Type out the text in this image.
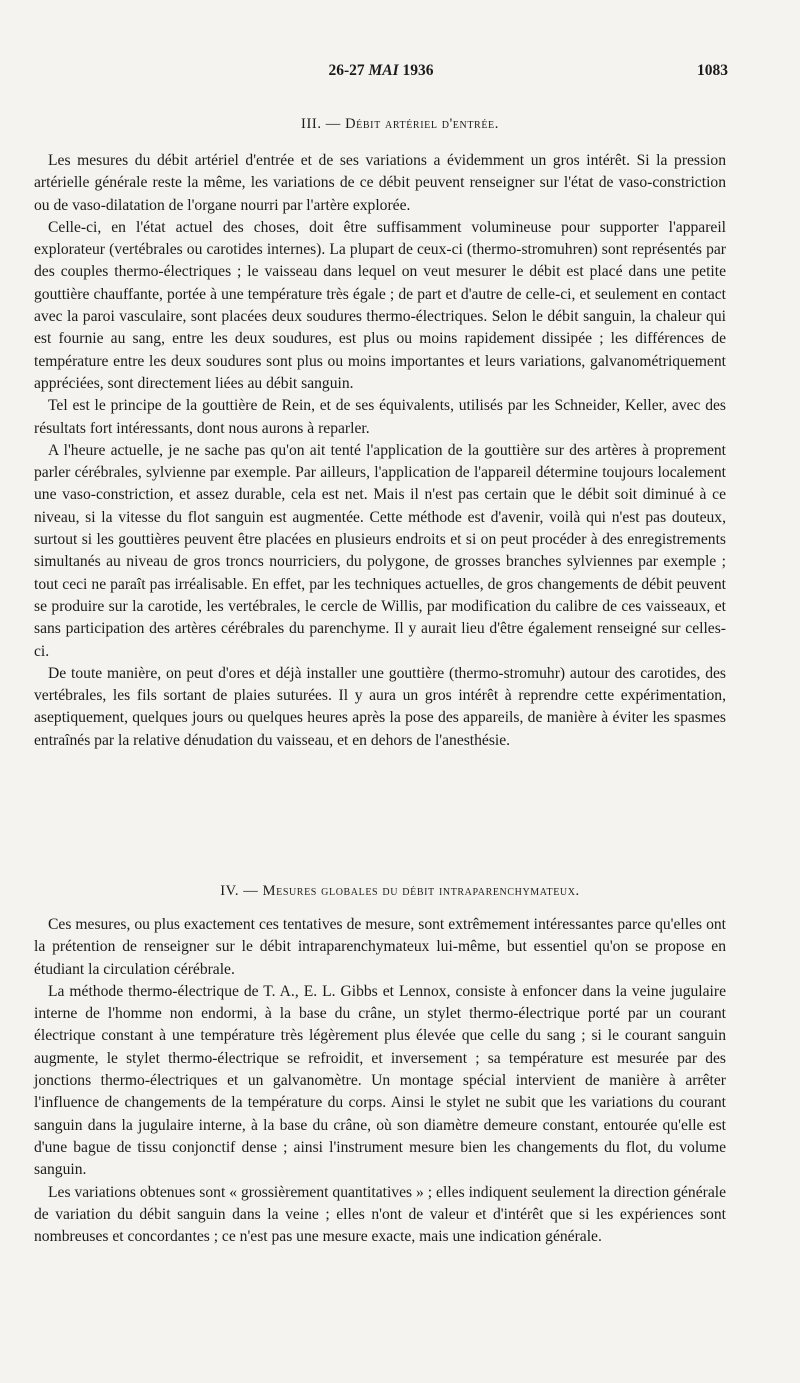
26-27 MAI 1936	1083
III. — Débit artériel d'entrée.

Les mesures du débit artériel d'entrée et de ses variations a évidemment un gros intérêt. Si la pression artérielle générale reste la même, les variations de ce débit peuvent renseigner sur l'état de vaso-constriction ou de vaso-dilatation de l'organe nourri par l'artère explorée.

Celle-ci, en l'état actuel des choses, doit être suffisamment volumineuse pour supporter l'appareil explorateur (vertébrales ou carotides internes). La plupart de ceux-ci (thermo-stromuhren) sont représentés par des couples thermo-électriques ; le vaisseau dans lequel on veut mesurer le débit est placé dans une petite gouttière chauffante, portée à une température très égale ; de part et d'autre de celle-ci, et seulement en contact avec la paroi vasculaire, sont placées deux soudures thermo-électriques. Selon le débit sanguin, la chaleur qui est fournie au sang, entre les deux soudures, est plus ou moins rapidement dissipée ; les différences de température entre les deux soudures sont plus ou moins importantes et leurs variations, galvanométriquement appréciées, sont directement liées au débit sanguin.

Tel est le principe de la gouttière de Rein, et de ses équivalents, utilisés par les Schneider, Keller, avec des résultats fort intéressants, dont nous aurons à reparler.

A l'heure actuelle, je ne sache pas qu'on ait tenté l'application de la gouttière sur des artères à proprement parler cérébrales, sylvienne par exemple. Par ailleurs, l'application de l'appareil détermine toujours localement une vaso-constriction, et assez durable, cela est net. Mais il n'est pas certain que le débit soit diminué à ce niveau, si la vitesse du flot sanguin est augmentée. Cette méthode est d'avenir, voilà qui n'est pas douteux, surtout si les gouttières peuvent être placées en plusieurs endroits et si on peut procéder à des enregistrements simultanés au niveau de gros troncs nourriciers, du polygone, de grosses branches sylviennes par exemple ; tout ceci ne paraît pas irréalisable. En effet, par les techniques actuelles, de gros changements de débit peuvent se produire sur la carotide, les vertébrales, le cercle de Willis, par modification du calibre de ces vaisseaux, et sans participation des artères cérébrales du parenchyme. Il y aurait lieu d'être également renseigné sur celles-ci.

De toute manière, on peut d'ores et déjà installer une gouttière (thermo-stromuhr) autour des carotides, des vertébrales, les fils sortant de plaies suturées. Il y aura un gros intérêt à reprendre cette expérimentation, aseptiquement, quelques jours ou quelques heures après la pose des appareils, de manière à éviter les spasmes entraînés par la relative dénudation du vaisseau, et en dehors de l'anesthésie.

IV. — Mesures globales du débit intraparenchymateux.

Ces mesures, ou plus exactement ces tentatives de mesure, sont extrêmement intéressantes parce qu'elles ont la prétention de renseigner sur le débit intraparenchymateux lui-même, but essentiel qu'on se propose en étudiant la circulation cérébrale.

La méthode thermo-électrique de T. A., E. L. Gibbs et Lennox, consiste à enfoncer dans la veine jugulaire interne de l'homme non endormi, à la base du crâne, un stylet thermo-électrique porté par un courant électrique constant à une température très légèrement plus élevée que celle du sang ; si le courant sanguin augmente, le stylet thermo-électrique se refroidit, et inversement ; sa température est mesurée par des jonctions thermo-électriques et un galvanomètre. Un montage spécial intervient de manière à arrêter l'influence de changements de la température du corps. Ainsi le stylet ne subit que les variations du courant sanguin dans la jugulaire interne, à la base du crâne, où son diamètre demeure constant, entourée qu'elle est d'une bague de tissu conjonctif dense ; ainsi l'instrument mesure bien les changements du flot, du volume sanguin.

Les variations obtenues sont « grossièrement quantitatives » ; elles indiquent seulement la direction générale de variation du débit sanguin dans la veine ; elles n'ont de valeur et d'intérêt que si les expériences sont nombreuses et concordantes ; ce n'est pas une mesure exacte, mais une indication générale.
